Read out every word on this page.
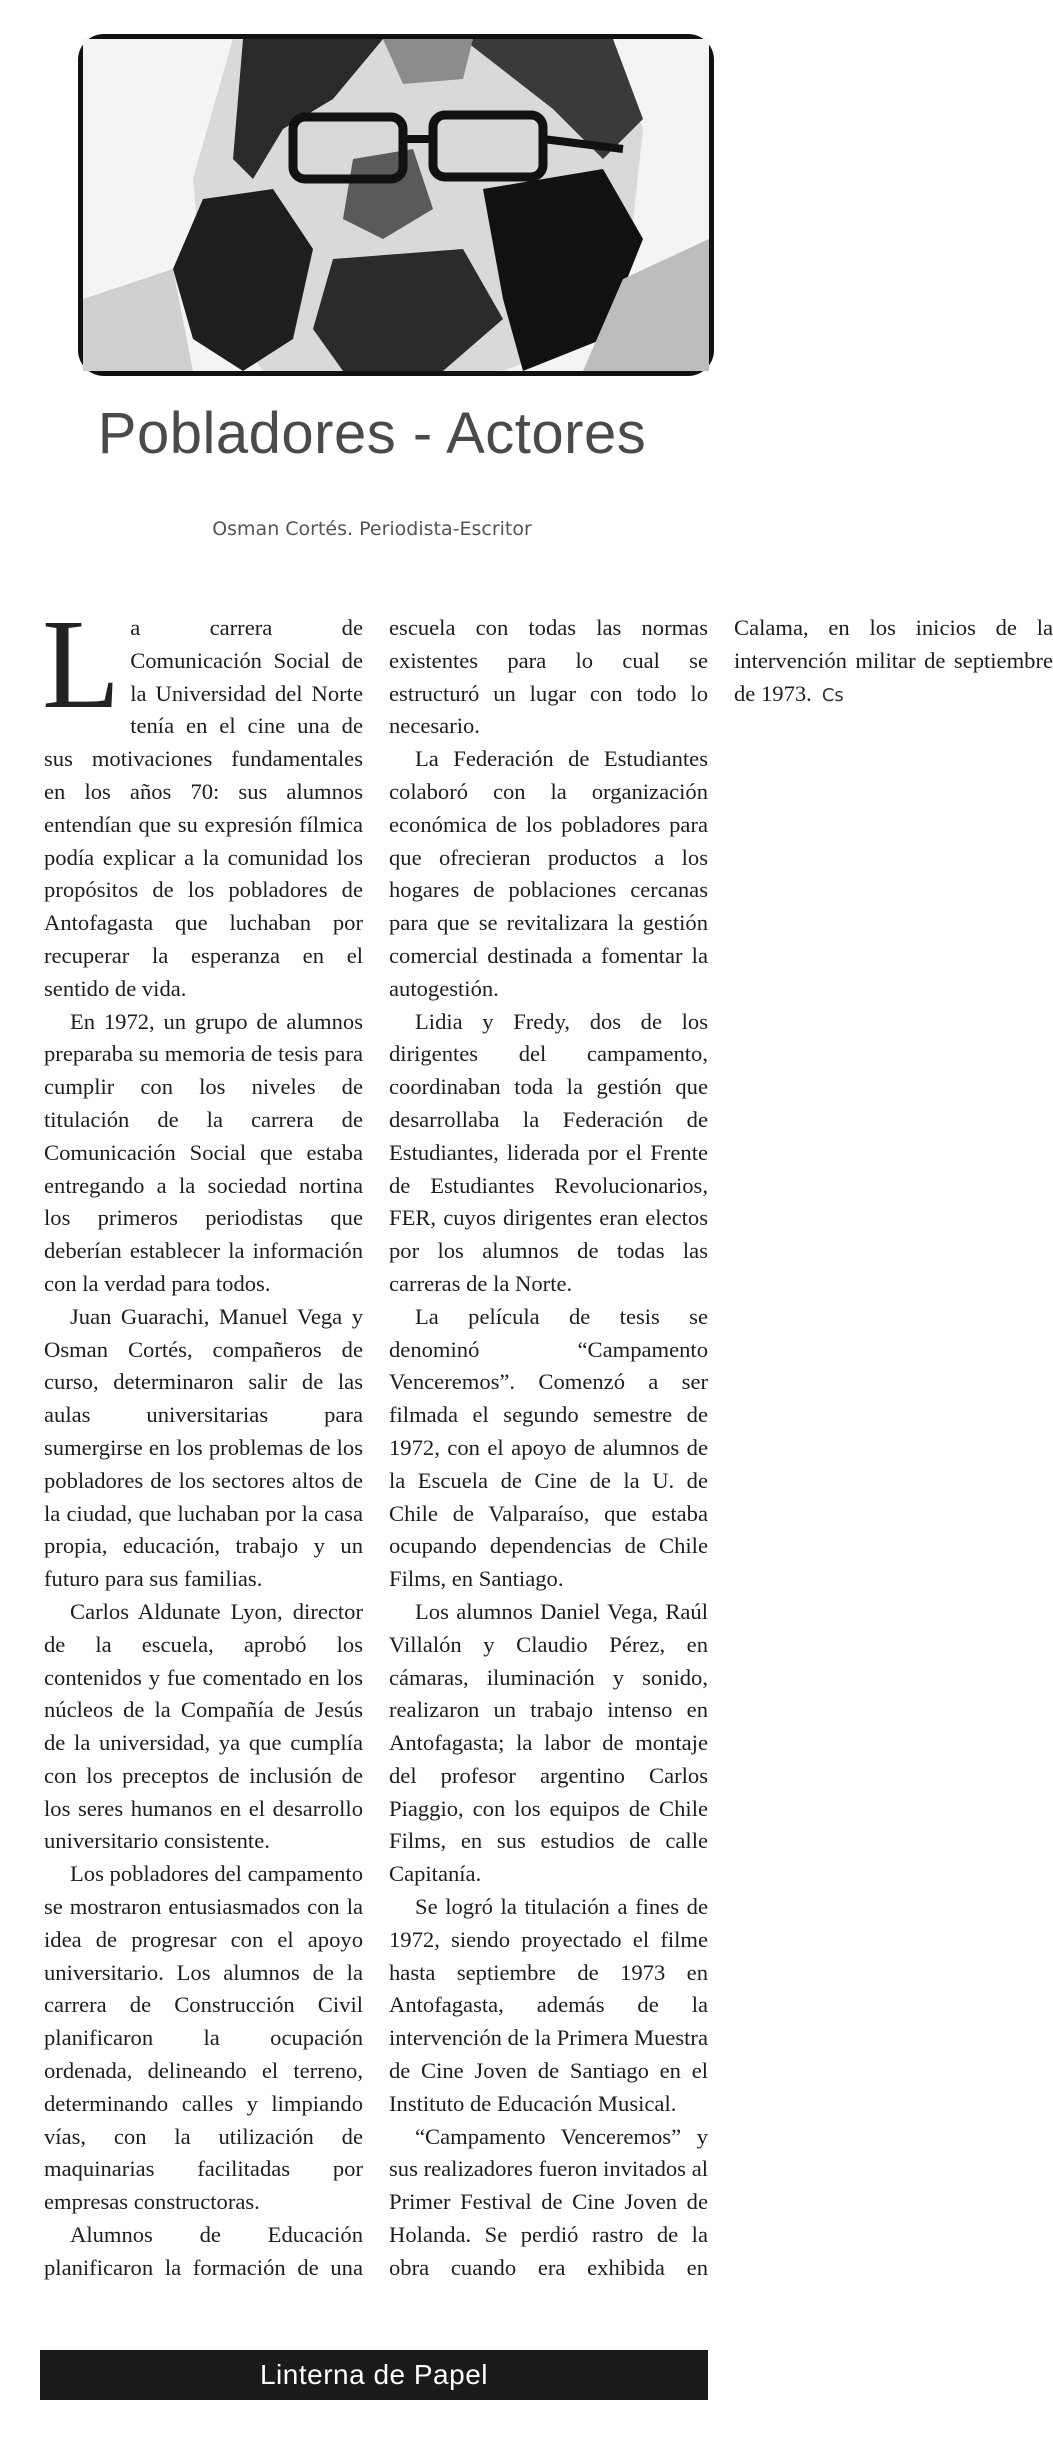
Pobladores - Actores

Osman Cortés. Periodista-Escritor

La carrera de Comunicación Social de la Universidad del Norte tenía en el cine una de sus motivaciones fundamentales en los años 70: sus alumnos entendían que su expresión fílmica podía explicar a la comunidad los propósitos de los pobladores de Antofagasta que luchaban por recuperar la esperanza en el sentido de vida.

En 1972, un grupo de alumnos preparaba su memoria de tesis para cumplir con los niveles de titulación de la carrera de Comunicación Social que estaba entregando a la sociedad nortina los primeros periodistas que deberían establecer la información con la verdad para todos.

Juan Guarachi, Manuel Vega y Osman Cortés, compañeros de curso, determinaron salir de las aulas universitarias para sumergirse en los problemas de los pobladores de los sectores altos de la ciudad, que luchaban por la casa propia, educación, trabajo y un futuro para sus familias.

Carlos Aldunate Lyon, director de la escuela, aprobó los contenidos y fue comentado en los núcleos de la Compañía de Jesús de la universidad, ya que cumplía con los preceptos de inclusión de los seres humanos en el desarrollo universitario consistente.

Los pobladores del campamento se mostraron entusiasmados con la idea de progresar con el apoyo universitario. Los alumnos de la carrera de Construcción Civil planificaron la ocupación ordenada, delineando el terreno, determinando calles y limpiando vías, con la utilización de maquinarias facilitadas por empresas constructoras.

Alumnos de Educación planificaron la formación de una escuela con todas las normas existentes para lo cual se estructuró un lugar con todo lo necesario.

La Federación de Estudiantes colaboró con la organización económica de los pobladores para que ofrecieran productos a los hogares de poblaciones cercanas para que se revitalizara la gestión comercial destinada a fomentar la autogestión.

Lidia y Fredy, dos de los dirigentes del campamento, coordinaban toda la gestión que desarrollaba la Federación de Estudiantes, liderada por el Frente de Estudiantes Revolucionarios, FER, cuyos dirigentes eran electos por los alumnos de todas las carreras de la Norte.

La película de tesis se denominó “Campamento Venceremos”. Comenzó a ser filmada el segundo semestre de 1972, con el apoyo de alumnos de la Escuela de Cine de la U. de Chile de Valparaíso, que estaba ocupando dependencias de Chile Films, en Santiago.

Los alumnos Daniel Vega, Raúl Villalón y Claudio Pérez, en cámaras, iluminación y sonido, realizaron un trabajo intenso en Antofagasta; la labor de montaje del profesor argentino Carlos Piaggio, con los equipos de Chile Films, en sus estudios de calle Capitanía.

Se logró la titulación a fines de 1972, siendo proyectado el filme hasta septiembre de 1973 en Antofagasta, además de la intervención de la Primera Muestra de Cine Joven de Santiago en el Instituto de Educación Musical.

“Campamento Venceremos” y sus realizadores fueron invitados al Primer Festival de Cine Joven de Holanda. Se perdió rastro de la obra cuando era exhibida en Calama, en los inicios de la intervención militar de septiembre de 1973. Cs

Linterna de Papel
